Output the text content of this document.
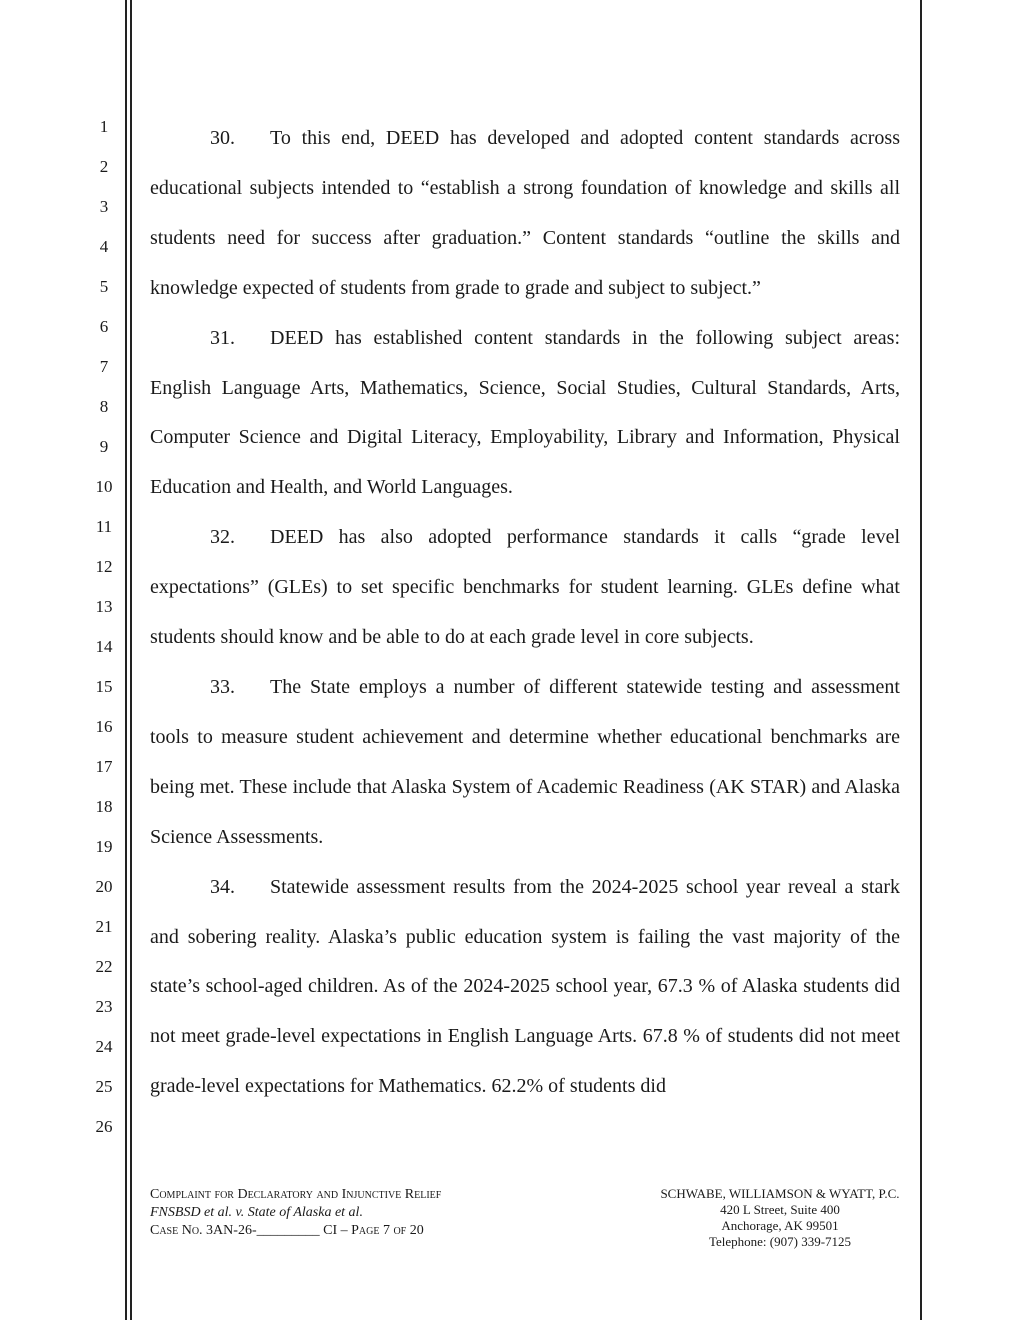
1
2
3
4
5
6
7
8
9
10
11
12
13
14
15
16
17
18
19
20
21
22
23
24
25
26

30. To this end, DEED has developed and adopted content standards across educational subjects intended to “establish a strong foundation of knowledge and skills all students need for success after graduation.” Content standards “outline the skills and knowledge expected of students from grade to grade and subject to subject.”

31. DEED has established content standards in the following subject areas: English Language Arts, Mathematics, Science, Social Studies, Cultural Standards, Arts, Computer Science and Digital Literacy, Employability, Library and Information, Physical Education and Health, and World Languages.

32. DEED has also adopted performance standards it calls “grade level expectations” (GLEs) to set specific benchmarks for student learning. GLEs define what students should know and be able to do at each grade level in core subjects.

33. The State employs a number of different statewide testing and assessment tools to measure student achievement and determine whether educational benchmarks are being met. These include that Alaska System of Academic Readiness (AK STAR) and Alaska Science Assessments.

34. Statewide assessment results from the 2024-2025 school year reveal a stark and sobering reality. Alaska’s public education system is failing the vast majority of the state’s school-aged children. As of the 2024-2025 school year, 67.3 % of Alaska students did not meet grade-level expectations in English Language Arts. 67.8 % of students did not meet grade-level expectations for Mathematics. 62.2% of students did

Complaint for Declaratory and Injunctive Relief
FNSBSD et al. v. State of Alaska et al.
Case No. 3AN-26-_________ CI – Page 7 of 20
SCHWABE, WILLIAMSON & WYATT, P.C.
420 L Street, Suite 400
Anchorage, AK 99501
Telephone: (907) 339-7125
